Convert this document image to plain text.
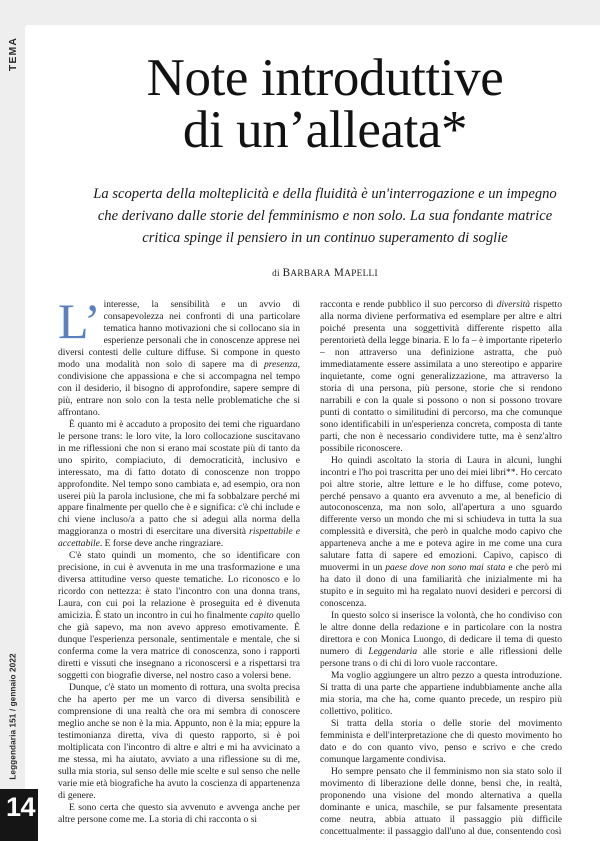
TEMA
Leggendaria 151 / gennaio 2022
14
Note introduttive
di un’alleata*
La scoperta della molteplicità e della fluidità è un'interrogazione e un impegno che derivano dalle storie del femminismo e non solo. La sua fondante matrice critica spinge il pensiero in un continuo superamento di soglie
di BARBARA MAPELLI

L’ interesse, la sensibilità e un avvio di consapevolezza nei confronti di una particolare tematica hanno motivazioni che si collocano sia in esperienze personali che in conoscenze apprese nei diversi contesti delle culture diffuse. Si compone in questo modo una modalità non solo di sapere ma di presenza, condivisione che appassiona e che si accompagna nel tempo con il desiderio, il bisogno di approfondire, sapere sempre di più, entrare non solo con la testa nelle problematiche che si affrontano.

È quanto mi è accaduto a proposito dei temi che riguardano le persone trans: le loro vite, la loro collocazione suscitavano in me riflessioni che non si erano mai scostate più di tanto da uno spirito, compiaciuto, di democraticità, inclusivo e interessato, ma di fatto dotato di conoscenze non troppo approfondite. Nel tempo sono cambiata e, ad esempio, ora non userei più la parola inclusione, che mi fa sobbalzare perché mi appare finalmente per quello che è e significa: c'è chi include e chi viene incluso/a a patto che si adegui alla norma della maggioranza o mostri di esercitare una diversità rispettabile e accettabile. E forse deve anche ringraziare.

C'è stato quindi un momento, che so identificare con precisione, in cui è avvenuta in me una trasformazione e una diversa attitudine verso queste tematiche. Lo riconosco e lo ricordo con nettezza: è stato l'incontro con una donna trans, Laura, con cui poi la relazione è proseguita ed è divenuta amicizia. È stato un incontro in cui ho finalmente capito quello che già sapevo, ma non avevo appreso emotivamente. È dunque l'esperienza personale, sentimentale e mentale, che si conferma come la vera matrice di conoscenza, sono i rapporti diretti e vissuti che insegnano a riconoscersi e a rispettarsi tra soggetti con biografie diverse, nel nostro caso a volersi bene.

Dunque, c'è stato un momento di rottura, una svolta precisa che ha aperto per me un varco di diversa sensibilità e comprensione di una realtà che ora mi sembra di conoscere meglio anche se non è la mia. Appunto, non è la mia; eppure la testimonianza diretta, viva di questo rapporto, si è poi moltiplicata con l'incontro di altre e altri e mi ha avvicinato a me stessa, mi ha aiutato, avviato a una riflessione su di me, sulla mia storia, sul senso delle mie scelte e sul senso che nelle varie mie età biografiche ha avuto la coscienza di appartenenza di genere.

E sono certa che questo sia avvenuto e avvenga anche per altre persone come me. La storia di chi racconta o si

racconta e rende pubblico il suo percorso di diversità rispetto alla norma diviene performativa ed esemplare per altre e altri poiché presenta una soggettività differente rispetto alla perentorietà della legge binaria. E lo fa – è importante ripeterlo – non attraverso una definizione astratta, che può immediatamente essere assimilata a uno stereotipo e apparire inquietante, come ogni generalizzazione, ma attraverso la storia di una persona, più persone, storie che si rendono narrabili e con la quale si possono o non si possono trovare punti di contatto o similitudini di percorso, ma che comunque sono identificabili in un'esperienza concreta, composta di tante parti, che non è necessario condividere tutte, ma è senz'altro possibile riconoscere.

Ho quindi ascoltato la storia di Laura in alcuni, lunghi incontri e l'ho poi trascritta per uno dei miei libri**. Ho cercato poi altre storie, altre letture e le ho diffuse, come potevo, perché pensavo a quanto era avvenuto a me, al beneficio di autoconoscenza, ma non solo, all'apertura a uno sguardo differente verso un mondo che mi si schiudeva in tutta la sua complessità e diversità, che però in qualche modo capivo che apparteneva anche a me e poteva agire in me come una cura salutare fatta di sapere ed emozioni. Capivo, capisco di muovermi in un paese dove non sono mai stata e che però mi ha dato il dono di una familiarità che inizialmente mi ha stupito e in seguito mi ha regalato nuovi desideri e percorsi di conoscenza.

In questo solco si inserisce la volontà, che ho condiviso con le altre donne della redazione e in particolare con la nostra direttora e con Monica Luongo, di dedicare il tema di questo numero di Leggendaria alle storie e alle riflessioni delle persone trans o di chi di loro vuole raccontare.

Ma voglio aggiungere un altro pezzo a questa introduzione. Si tratta di una parte che appartiene indubbiamente anche alla mia storia, ma che ha, come quanto precede, un respiro più collettivo, politico.

Si tratta della storia o delle storie del movimento femminista e dell'interpretazione che di questo movimento ho dato e do con quanto vivo, penso e scrivo e che credo comunque largamente condivisa.

Ho sempre pensato che il femminismo non sia stato solo il movimento di liberazione delle donne, bensì che, in realtà, proponendo una visione del mondo alternativa a quella dominante e unica, maschile, se pur falsamente presentata come neutra, abbia attuato il passaggio più difficile concettualmente: il passaggio dall'uno al due, consentendo così
